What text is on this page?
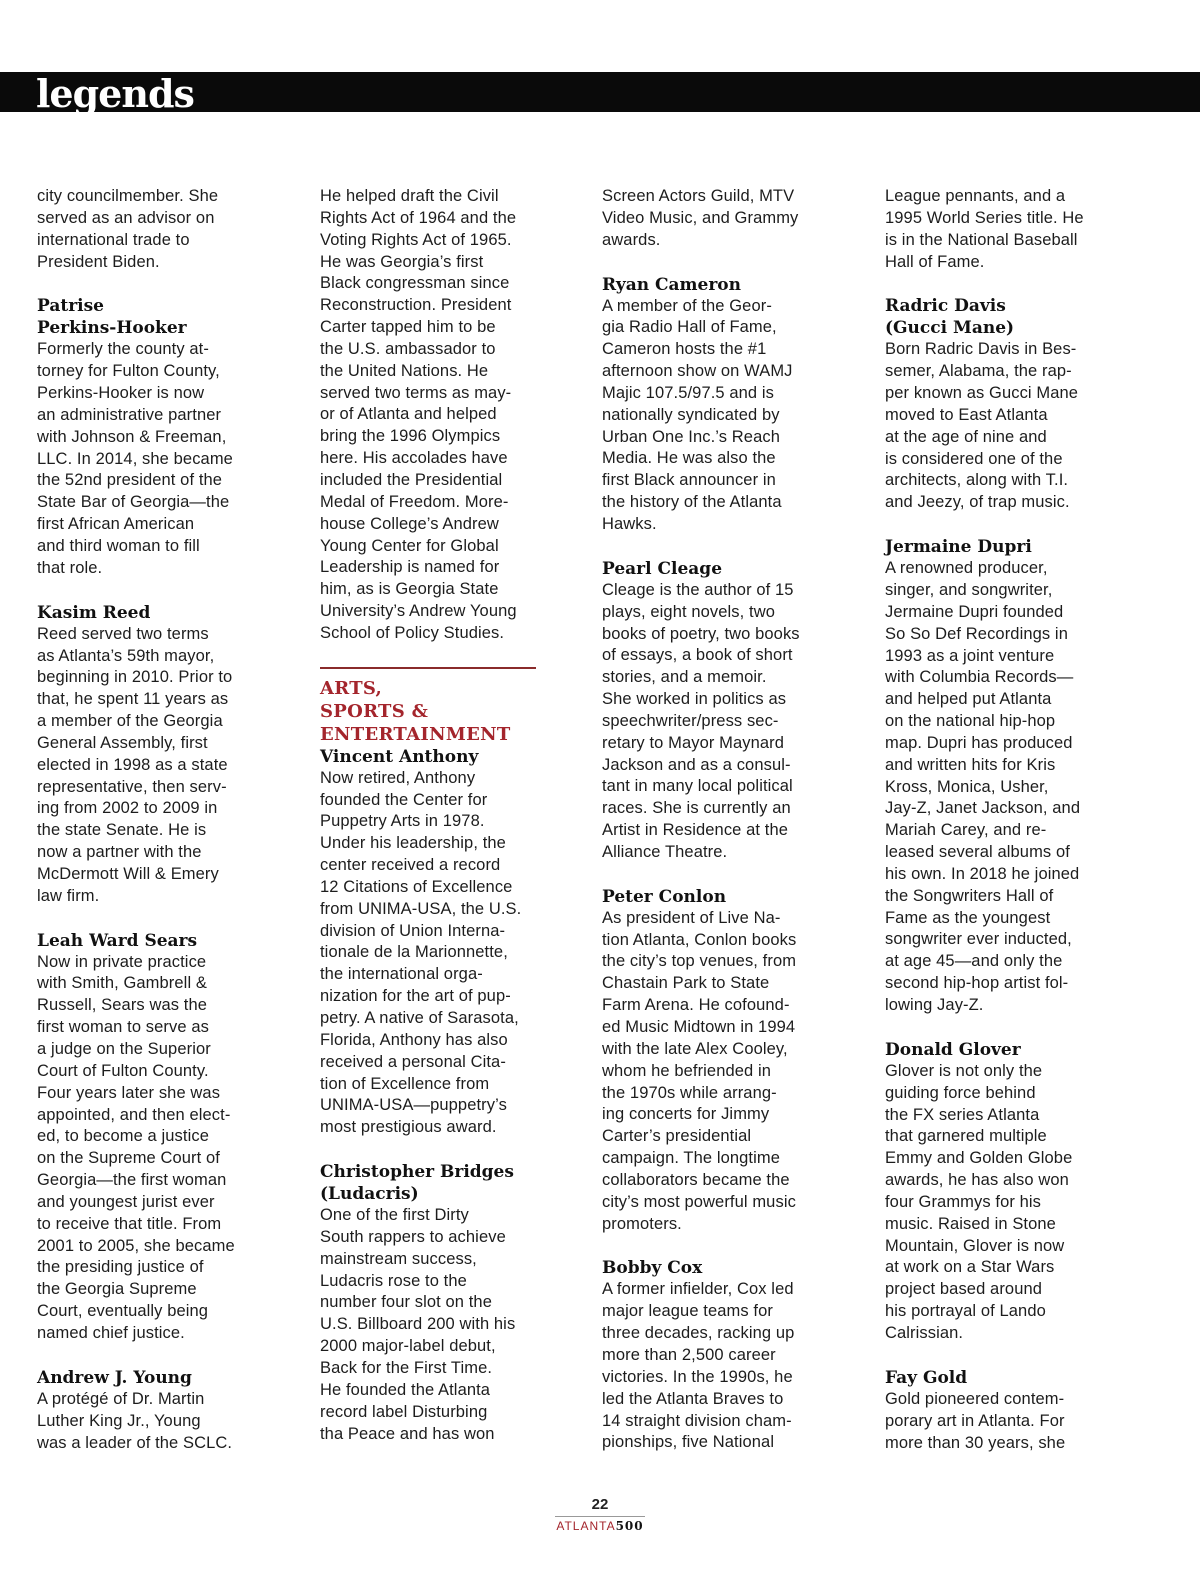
legends

city councilmember. She

served as an advisor on

international trade to

President Biden.

Patrise
Perkins-Hooker

Formerly the county at-

torney for Fulton County,

Perkins-Hooker is now

an administrative partner

with Johnson & Freeman,

LLC. In 2014, she became

the 52nd president of the

State Bar of Georgia—the

first African American

and third woman to fill

that role.

Kasim Reed

Reed served two terms

as Atlanta’s 59th mayor,

beginning in 2010. Prior to

that, he spent 11 years as

a member of the Georgia

General Assembly, first

elected in 1998 as a state

representative, then serv-

ing from 2002 to 2009 in

the state Senate. He is

now a partner with the

McDermott Will & Emery

law firm.

Leah Ward Sears

Now in private practice

with Smith, Gambrell &

Russell, Sears was the

first woman to serve as

a judge on the Superior

Court of Fulton County.

Four years later she was

appointed, and then elect-

ed, to become a justice

on the Supreme Court of

Georgia—the first woman

and youngest jurist ever

to receive that title. From

2001 to 2005, she became

the presiding justice of

the Georgia Supreme

Court, eventually being

named chief justice.

Andrew J. Young

A protégé of Dr. Martin

Luther King Jr., Young

was a leader of the SCLC.

He helped draft the Civil

Rights Act of 1964 and the

Voting Rights Act of 1965.

He was Georgia’s first

Black congressman since

Reconstruction. President

Carter tapped him to be

the U.S. ambassador to

the United Nations. He

served two terms as may-

or of Atlanta and helped

bring the 1996 Olympics

here. His accolades have

included the Presidential

Medal of Freedom. More-

house College’s Andrew

Young Center for Global

Leadership is named for

him, as is Georgia State

University’s Andrew Young

School of Policy Studies.

ARTS,
SPORTS &
ENTERTAINMENT
Vincent Anthony

Now retired, Anthony

founded the Center for

Puppetry Arts in 1978.

Under his leadership, the

center received a record

12 Citations of Excellence

from UNIMA-USA, the U.S.

division of Union Interna-

tionale de la Marionnette,

the international orga-

nization for the art of pup-

petry. A native of Sarasota,

Florida, Anthony has also

received a personal Cita-

tion of Excellence from

UNIMA-USA—puppetry’s

most prestigious award.

Christopher Bridges
(Ludacris)

One of the first Dirty

South rappers to achieve

mainstream success,

Ludacris rose to the

number four slot on the

U.S. Billboard 200 with his

2000 major-label debut,

Back for the First Time.

He founded the Atlanta

record label Disturbing

tha Peace and has won

Screen Actors Guild, MTV

Video Music, and Grammy

awards.

Ryan Cameron

A member of the Geor-

gia Radio Hall of Fame,

Cameron hosts the #1

afternoon show on WAMJ

Majic 107.5/97.5 and is

nationally syndicated by

Urban One Inc.’s Reach

Media. He was also the

first Black announcer in

the history of the Atlanta

Hawks.

Pearl Cleage

Cleage is the author of 15

plays, eight novels, two

books of poetry, two books

of essays, a book of short

stories, and a memoir.

She worked in politics as

speechwriter/press sec-

retary to Mayor Maynard

Jackson and as a consul-

tant in many local political

races. She is currently an

Artist in Residence at the

Alliance Theatre.

Peter Conlon

As president of Live Na-

tion Atlanta, Conlon books

the city’s top venues, from

Chastain Park to State

Farm Arena. He cofound-

ed Music Midtown in 1994

with the late Alex Cooley,

whom he befriended in

the 1970s while arrang-

ing concerts for Jimmy

Carter’s presidential

campaign. The longtime

collaborators became the

city’s most powerful music

promoters.

Bobby Cox

A former infielder, Cox led

major league teams for

three decades, racking up

more than 2,500 career

victories. In the 1990s, he

led the Atlanta Braves to

14 straight division cham-

pionships, five National

League pennants, and a

1995 World Series title. He

is in the National Baseball

Hall of Fame.

Radric Davis
(Gucci Mane)

Born Radric Davis in Bes-

semer, Alabama, the rap-

per known as Gucci Mane

moved to East Atlanta

at the age of nine and

is considered one of the

architects, along with T.I.

and Jeezy, of trap music.

Jermaine Dupri

A renowned producer,

singer, and songwriter,

Jermaine Dupri founded

So So Def Recordings in

1993 as a joint venture

with Columbia Records—

and helped put Atlanta

on the national hip-hop

map. Dupri has produced

and written hits for Kris

Kross, Monica, Usher,

Jay-Z, Janet Jackson, and

Mariah Carey, and re-

leased several albums of

his own. In 2018 he joined

the Songwriters Hall of

Fame as the youngest

songwriter ever inducted,

at age 45—and only the

second hip-hop artist fol-

lowing Jay-Z.

Donald Glover

Glover is not only the

guiding force behind

the FX series Atlanta

that garnered multiple

Emmy and Golden Globe

awards, he has also won

four Grammys for his

music. Raised in Stone

Mountain, Glover is now

at work on a Star Wars

project based around

his portrayal of Lando

Calrissian.

Fay Gold

Gold pioneered contem-

porary art in Atlanta. For

more than 30 years, she

22
ATLANTA500
